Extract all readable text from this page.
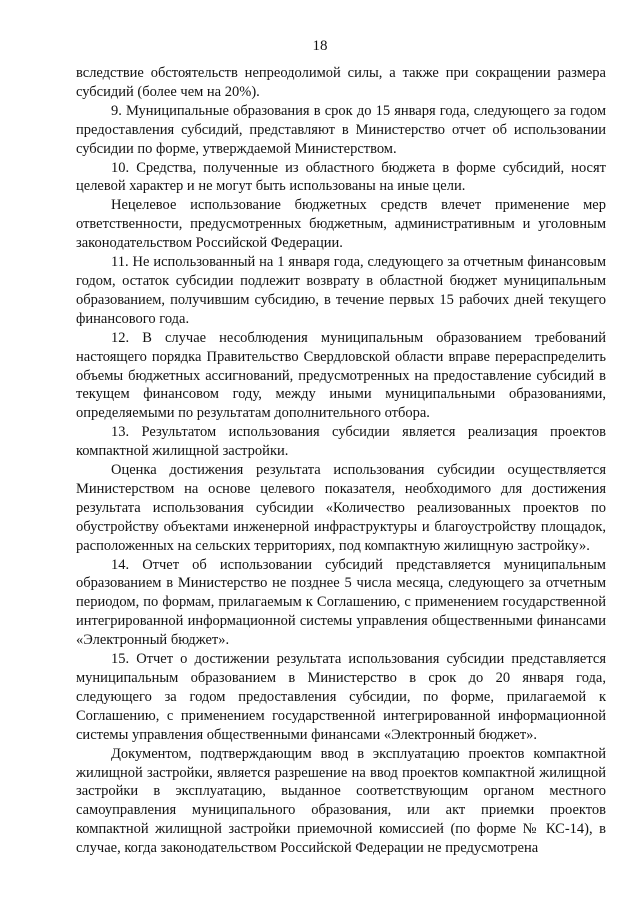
18

вследствие обстоятельств непреодолимой силы, а также при сокращении размера субсидий (более чем на 20%).

9. Муниципальные образования в срок до 15 января года, следующего за годом предоставления субсидий, представляют в Министерство отчет об использовании субсидии по форме, утверждаемой Министерством.

10. Средства, полученные из областного бюджета в форме субсидий, носят целевой характер и не могут быть использованы на иные цели.

Нецелевое использование бюджетных средств влечет применение мер ответственности, предусмотренных бюджетным, административным и уголовным законодательством Российской Федерации.

11. Не использованный на 1 января года, следующего за отчетным финансовым годом, остаток субсидии подлежит возврату в областной бюджет муниципальным образованием, получившим субсидию, в течение первых 15 рабочих дней текущего финансового года.

12. В случае несоблюдения муниципальным образованием требований настоящего порядка Правительство Свердловской области вправе перераспределить объемы бюджетных ассигнований, предусмотренных на предоставление субсидий в текущем финансовом году, между иными муниципальными образованиями, определяемыми по результатам дополнительного отбора.

13. Результатом использования субсидии является реализация проектов компактной жилищной застройки.

Оценка достижения результата использования субсидии осуществляется Министерством на основе целевого показателя, необходимого для достижения результата использования субсидии «Количество реализованных проектов по обустройству объектами инженерной инфраструктуры и благоустройству площадок, расположенных на сельских территориях, под компактную жилищную застройку».

14. Отчет об использовании субсидий представляется муниципальным образованием в Министерство не позднее 5 числа месяца, следующего за отчетным периодом, по формам, прилагаемым к Соглашению, с применением государственной интегрированной информационной системы управления общественными финансами «Электронный бюджет».

15. Отчет о достижении результата использования субсидии представляется муниципальным образованием в Министерство в срок до 20 января года, следующего за годом предоставления субсидии, по форме, прилагаемой к Соглашению, с применением государственной интегрированной информационной системы управления общественными финансами «Электронный бюджет».

Документом, подтверждающим ввод в эксплуатацию проектов компактной жилищной застройки, является разрешение на ввод проектов компактной жилищной застройки в эксплуатацию, выданное соответствующим органом местного самоуправления муниципального образования, или акт приемки проектов компактной жилищной застройки приемочной комиссией (по форме № КС-14), в случае, когда законодательством Российской Федерации не предусмотрена
